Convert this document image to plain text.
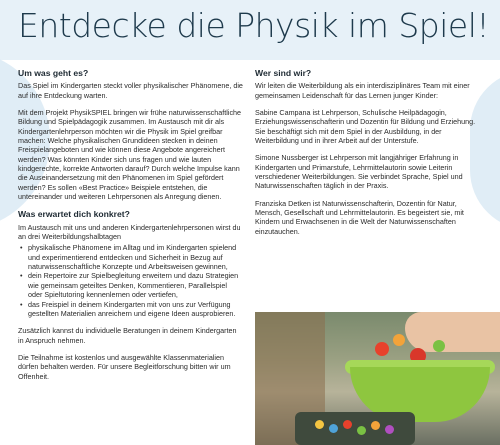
Entdecke die Physik im Spiel!
Um was geht es?

Das Spiel im Kindergarten steckt voller physikalischer Phänomene, die auf ihre Entdeckung warten.

Mit dem Projekt PhysikSPIEL bringen wir frühe naturwissenschaftliche Bildung und Spielpädagogik zusammen. Im Austausch mit dir als Kindergartenlehrperson möchten wir die Physik im Spiel greifbar machen: Welche physikalischen Grundideen stecken in deinen Freispielangeboten und wie können diese Angebote angereichert werden? Was könnten Kinder sich uns fragen und wie lauten kindgerechte, korrekte Antworten darauf? Durch welche Impulse kann die Auseinandersetzung mit den Phänomenen im Spiel gefördert werden? Es sollen «Best Practice» Beispiele entstehen, die untereinander und weiteren Lehrpersonen als Anregung dienen.

Was erwartet dich konkret?

Im Austausch mit uns und anderen Kindergartenlehrpersonen wirst du an drei Weiterbildungshalbtagen

• physikalische Phänomene im Alltag und im Kindergarten spielend und experimentierend entdecken und Sicherheit in Bezug auf naturwissenschaftliche Konzepte und Arbeitsweisen gewinnen,
• dein Repertoire zur Spielbegleitung erweitern und dazu Strategien wie gemeinsam geteiltes Denken, Kommentieren, Parallelspiel oder Spieltutoring kennenlernen oder vertiefen,
• das Freispiel in deinem Kindergarten mit von uns zur Verfügung gestellten Materialien anreichern und eigene Ideen ausprobieren.

Zusätzlich kannst du individuelle Beratungen in deinem Kindergarten in Anspruch nehmen.

Die Teilnahme ist kostenlos und ausgewählte Klassenmaterialien dürfen behalten werden. Für unsere Begleitforschung bitten wir um Offenheit.

Wer sind wir?

Wir leiten die Weiterbildung als ein interdisziplinäres Team mit einer gemeinsamen Leidenschaft für das Lernen junger Kinder:

Sabine Campana ist Lehrperson, Schulische Heilpädagogin, Erziehungswissenschafterin und Dozentin für Bildung und Erziehung. Sie beschäftigt sich mit dem Spiel in der Ausbildung, in der Weiterbildung und in ihrer Arbeit auf der Unterstufe.

Simone Nussberger ist Lehrperson mit langjähriger Erfahrung in Kindergarten und Primarstufe, Lehrmittelautorin sowie Leiterin verschiedener Weiterbildungen. Sie verbindet Sprache, Spiel und Naturwissenschaften täglich in der Praxis.

Franziska Detken ist Naturwissenschafterin, Dozentin für Natur, Mensch, Gesellschaft und Lehrmittelautorin. Es begeistert sie, mit Kindern und Erwachsenen in die Welt der Naturwissenschaften einzutauchen.
